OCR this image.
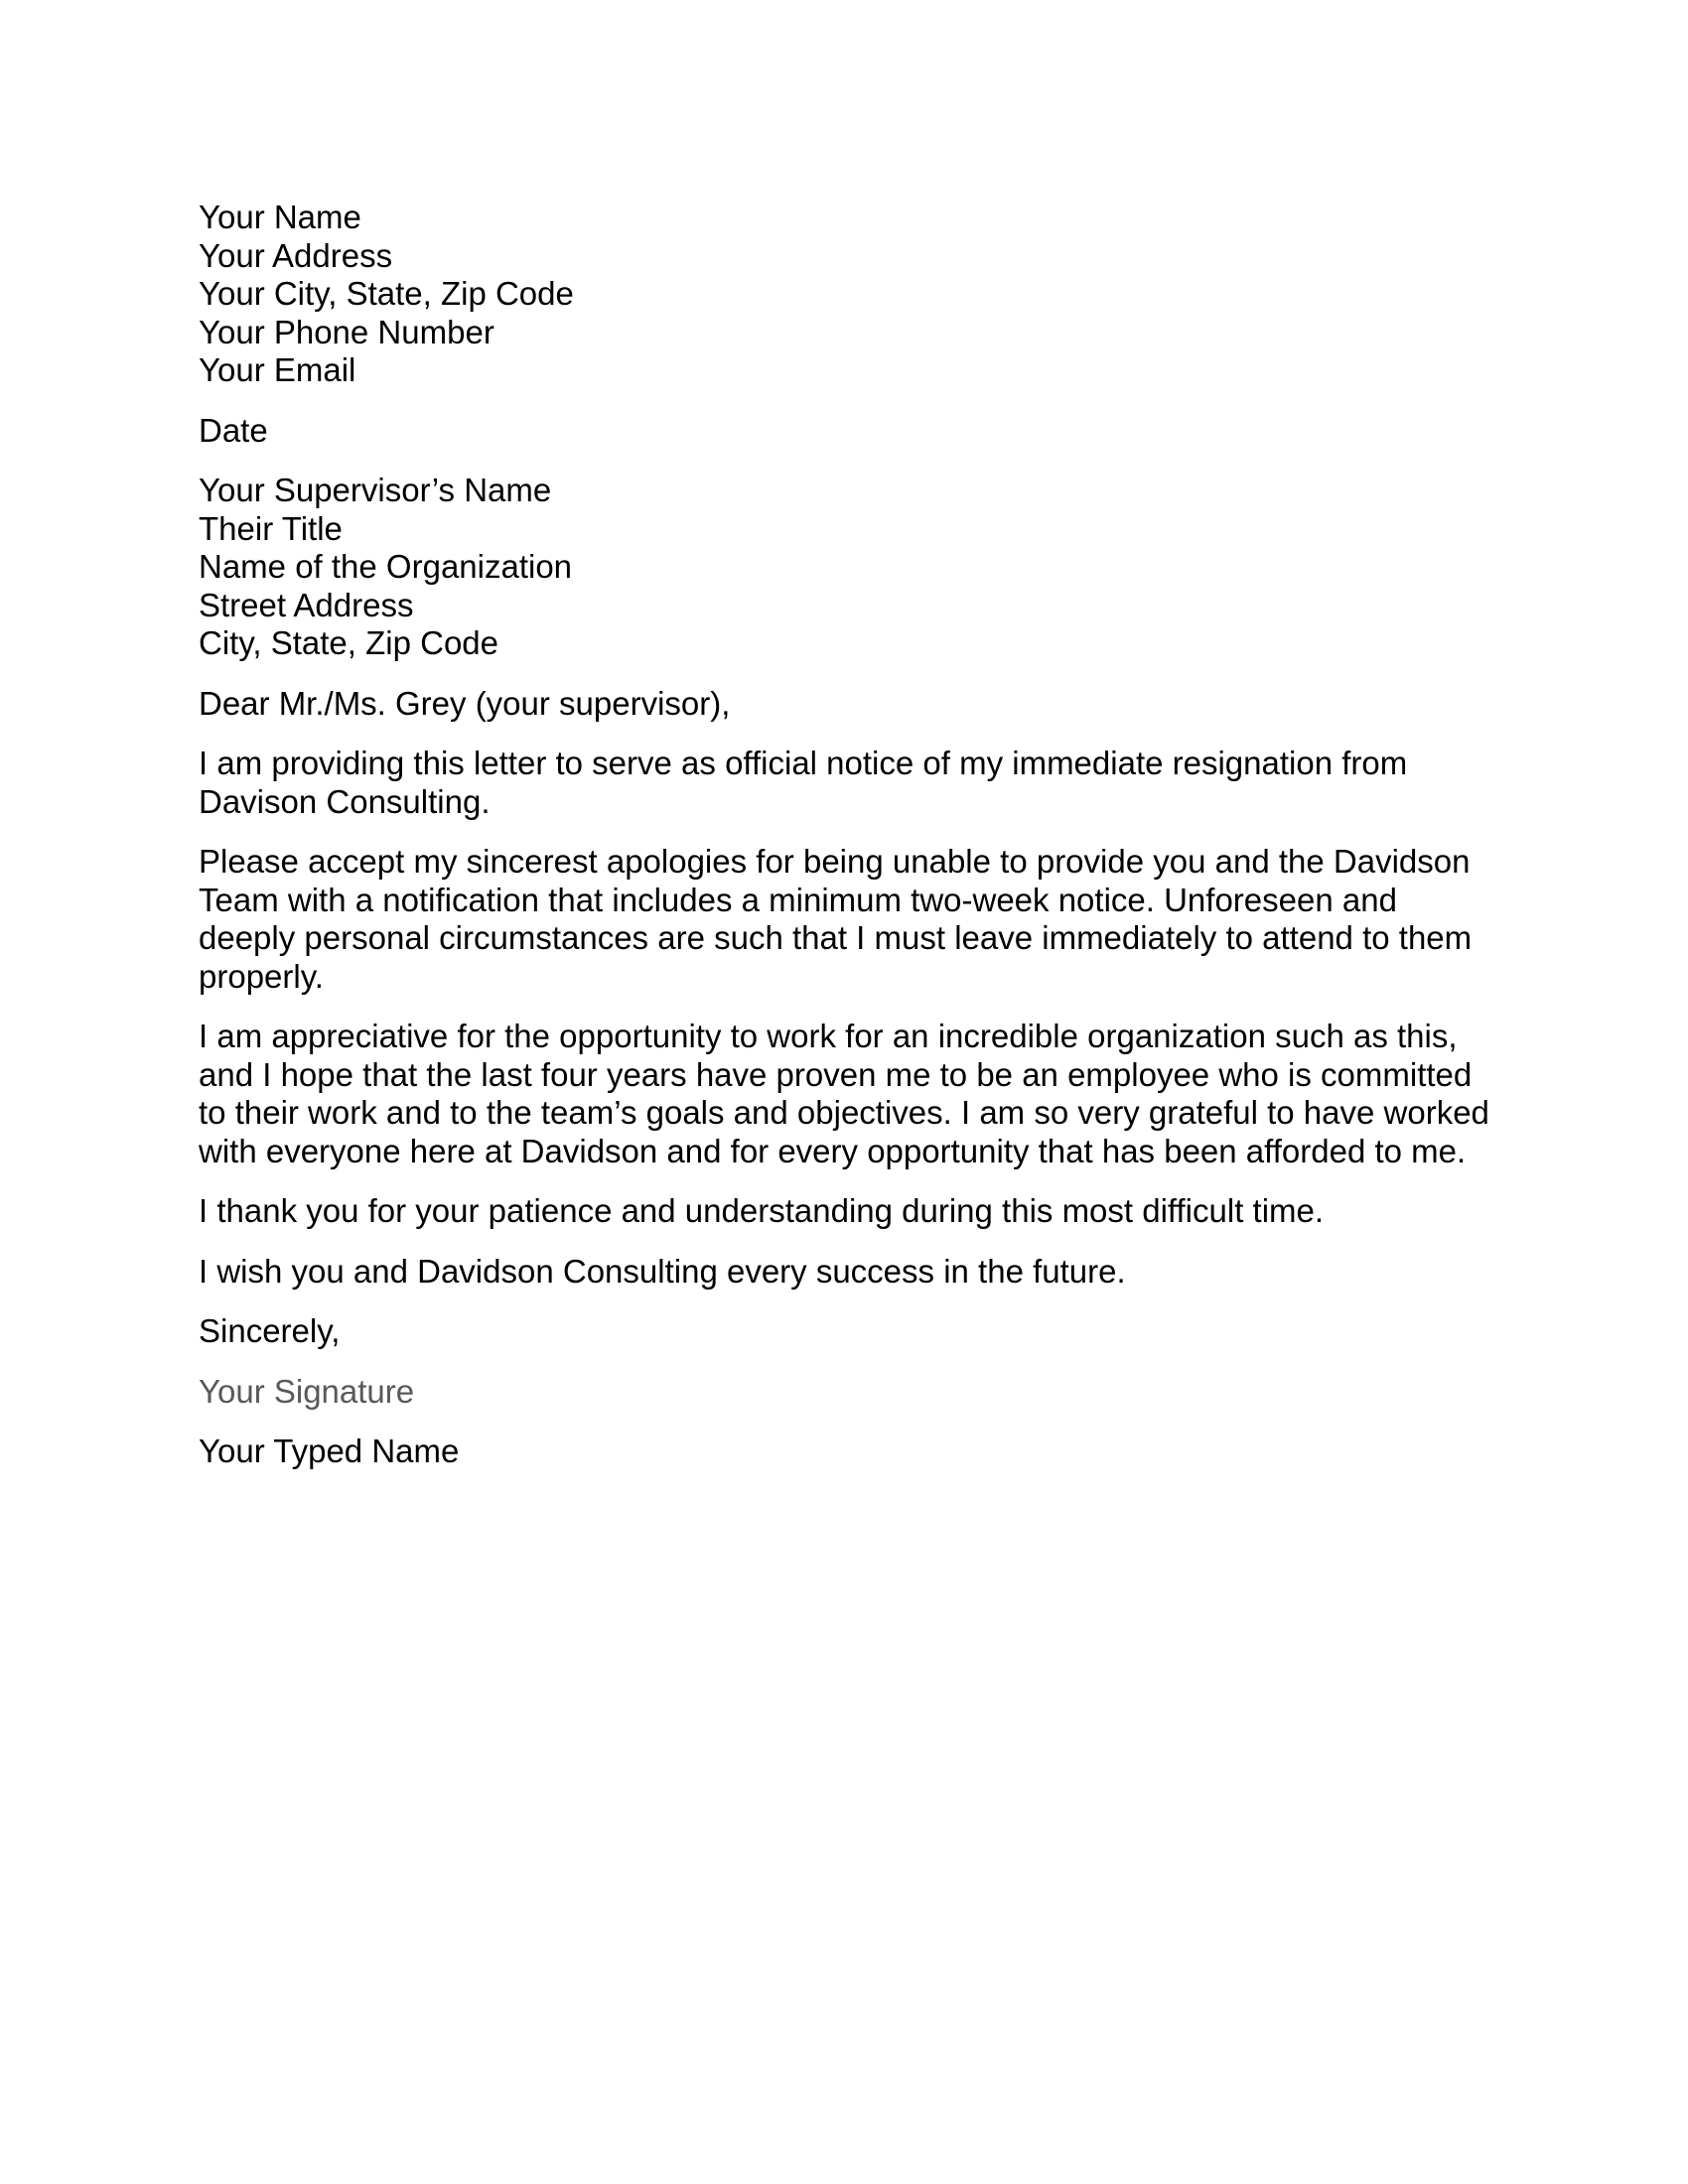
Your Name
Your Address
Your City, State, Zip Code
Your Phone Number
Your Email
Date
Your Supervisor’s Name
Their Title
Name of the Organization
Street Address
City, State, Zip Code

Dear Mr./Ms. Grey (your supervisor),

I am providing this letter to serve as official notice of my immediate resignation from Davison Consulting.

Please accept my sincerest apologies for being unable to provide you and the Davidson Team with a notification that includes a minimum two-week notice. Unforeseen and deeply personal circumstances are such that I must leave immediately to attend to them properly.

I am appreciative for the opportunity to work for an incredible organization such as this, and I hope that the last four years have proven me to be an employee who is committed to their work and to the team’s goals and objectives. I am so very grateful to have worked with everyone here at Davidson and for every opportunity that has been afforded to me.

I thank you for your patience and understanding during this most difficult time.

I wish you and Davidson Consulting every success in the future.

Sincerely,

Your Signature

Your Typed Name
